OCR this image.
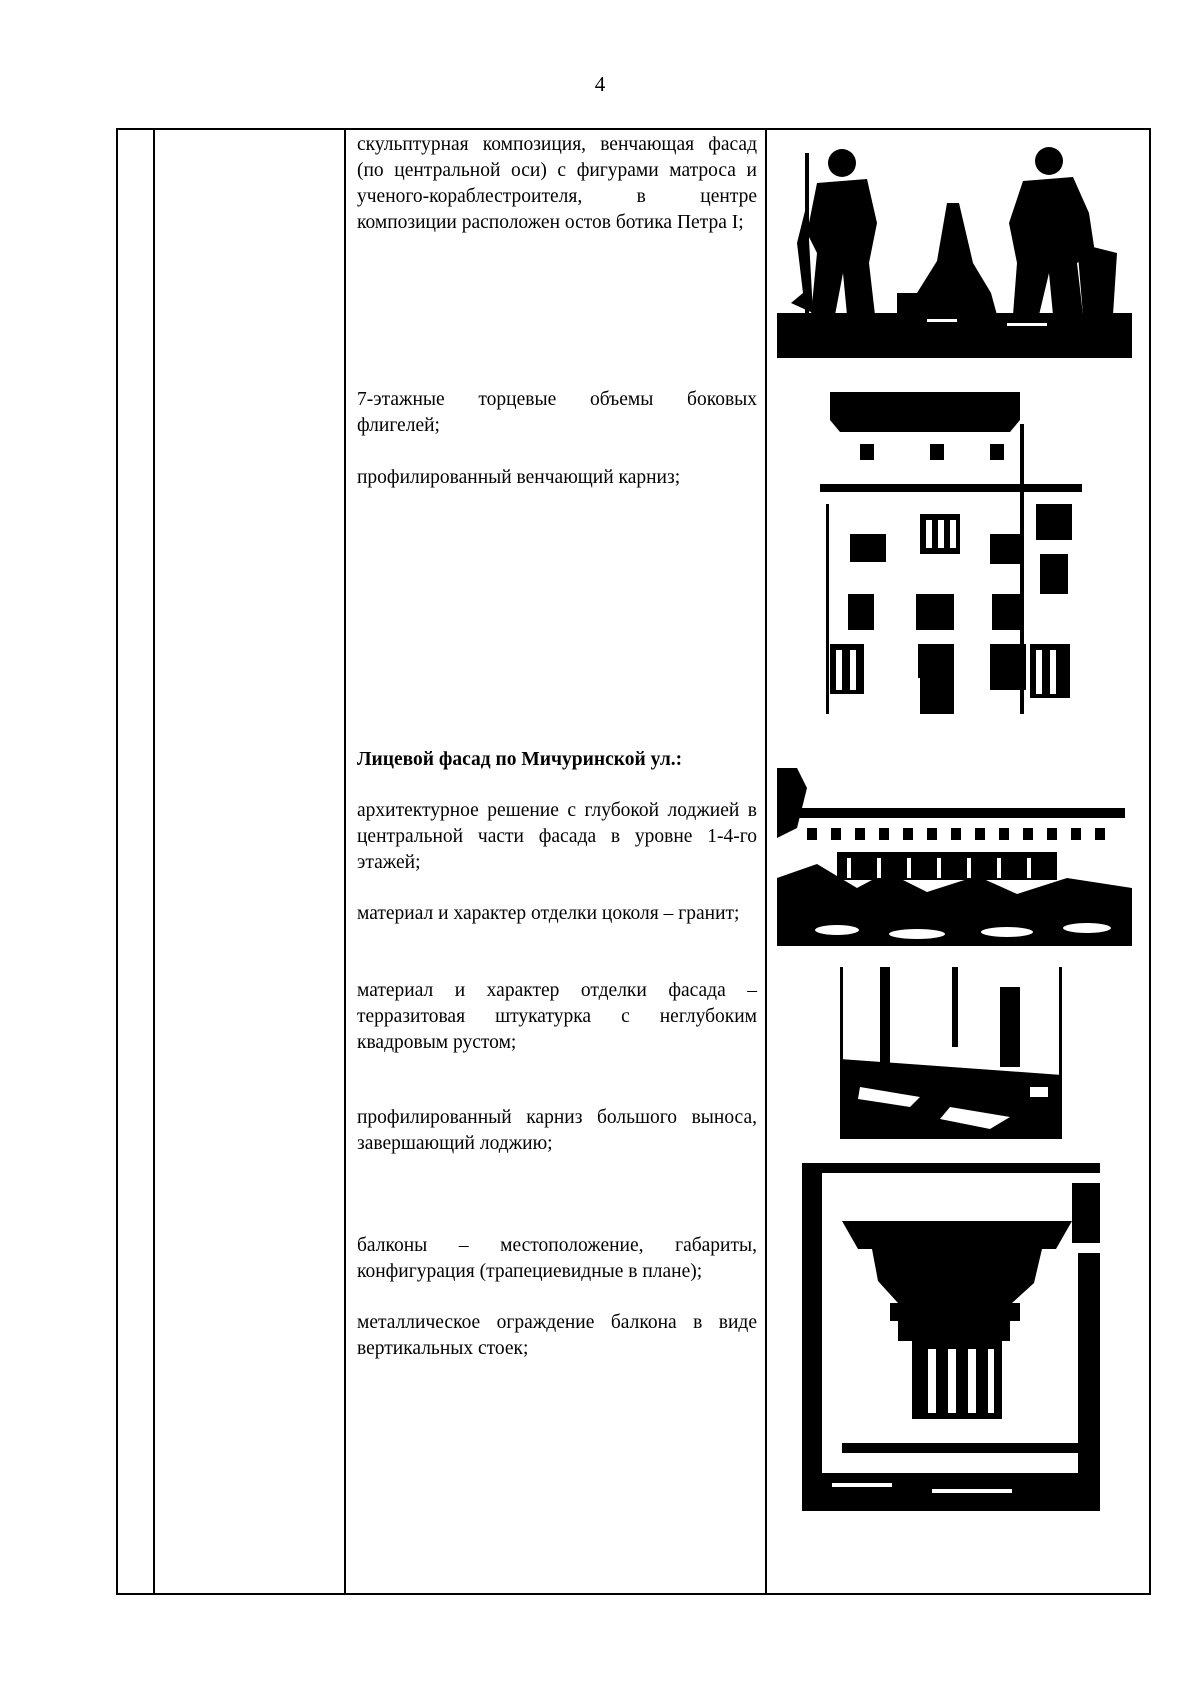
4

скульптурная композиция, венчающая фасад (по центральной оси) с фигурами матроса и ученого-кораблестроителя, в центре композиции расположен остов ботика Петра I;

7-этажные торцевые объемы боковых флигелей;

профилированный венчающий карниз;

Лицевой фасад по Мичуринской ул.:

архитектурное решение с глубокой лоджией в центральной части фасада в уровне 1-4-го этажей;

материал и характер отделки цоколя – гранит;

материал и характер отделки фасада – терразитовая штукатурка с неглубоким квадровым рустом;

профилированный карниз большого выноса, завершающий лоджию;

балконы – местоположение, габариты, конфигурация (трапециевидные в плане);

металлическое ограждение балкона в виде вертикальных стоек;
